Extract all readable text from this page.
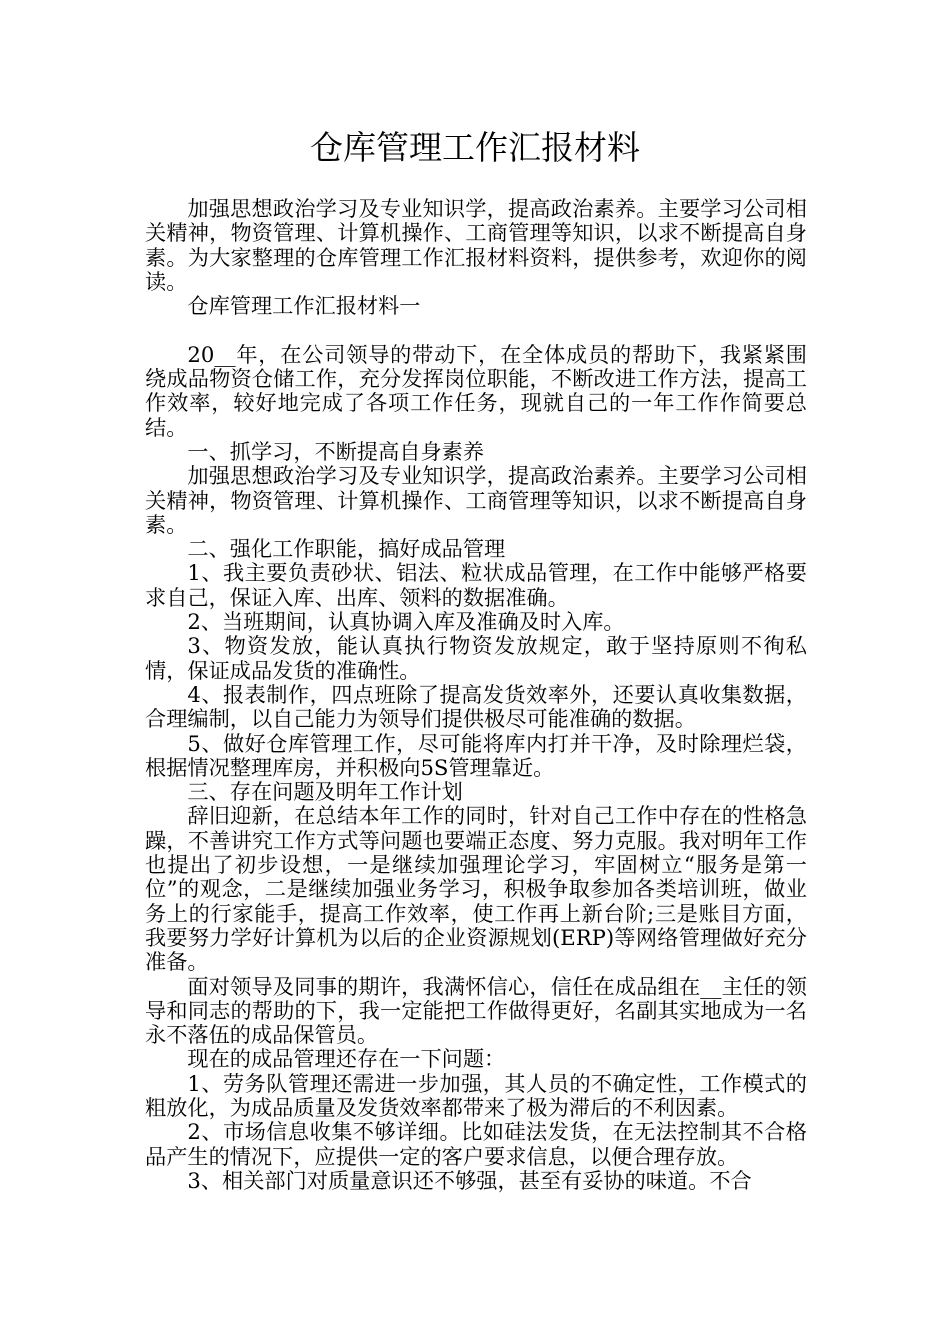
仓库管理工作汇报材料

加强思想政治学习及专业知识学，提高政治素养。主要学习公司相关精神，物资管理、计算机操作、工商管理等知识，以求不断提高自身素。为大家整理的仓库管理工作汇报材料资料，提供参考，欢迎你的阅读。

仓库管理工作汇报材料一

20__年，在公司领导的带动下，在全体成员的帮助下，我紧紧围绕成品物资仓储工作，充分发挥岗位职能，不断改进工作方法，提高工作效率，较好地完成了各项工作任务，现就自己的一年工作作简要总结。

一、抓学习，不断提高自身素养

加强思想政治学习及专业知识学，提高政治素养。主要学习公司相关精神，物资管理、计算机操作、工商管理等知识，以求不断提高自身素。

二、强化工作职能，搞好成品管理

1、我主要负责砂状、铝法、粒状成品管理，在工作中能够严格要求自己，保证入库、出库、领料的数据准确。

2、当班期间，认真协调入库及准确及时入库。

3、物资发放，能认真执行物资发放规定，敢于坚持原则不徇私情，保证成品发货的准确性。

4、报表制作，四点班除了提高发货效率外，还要认真收集数据，合理编制，以自己能力为领导们提供极尽可能准确的数据。

5、做好仓库管理工作，尽可能将库内打并干净，及时除理烂袋，根据情况整理库房，并积极向5S管理靠近。

三、存在问题及明年工作计划

辞旧迎新，在总结本年工作的同时，针对自己工作中存在的性格急躁，不善讲究工作方式等问题也要端正态度、努力克服。我对明年工作也提出了初步设想，一是继续加强理论学习，牢固树立“服务是第一位”的观念，二是继续加强业务学习，积极争取参加各类培训班，做业务上的行家能手，提高工作效率，使工作再上新台阶;三是账目方面，我要努力学好计算机为以后的企业资源规划(ERP)等网络管理做好充分准备。

面对领导及同事的期许，我满怀信心，信任在成品组在__主任的领导和同志的帮助的下，我一定能把工作做得更好，名副其实地成为一名永不落伍的成品保管员。

现在的成品管理还存在一下问题：

1、劳务队管理还需进一步加强，其人员的不确定性，工作模式的粗放化，为成品质量及发货效率都带来了极为滞后的不利因素。

2、市场信息收集不够详细。比如硅法发货，在无法控制其不合格品产生的情况下，应提供一定的客户要求信息，以便合理存放。

3、相关部门对质量意识还不够强，甚至有妥协的味道。不合
